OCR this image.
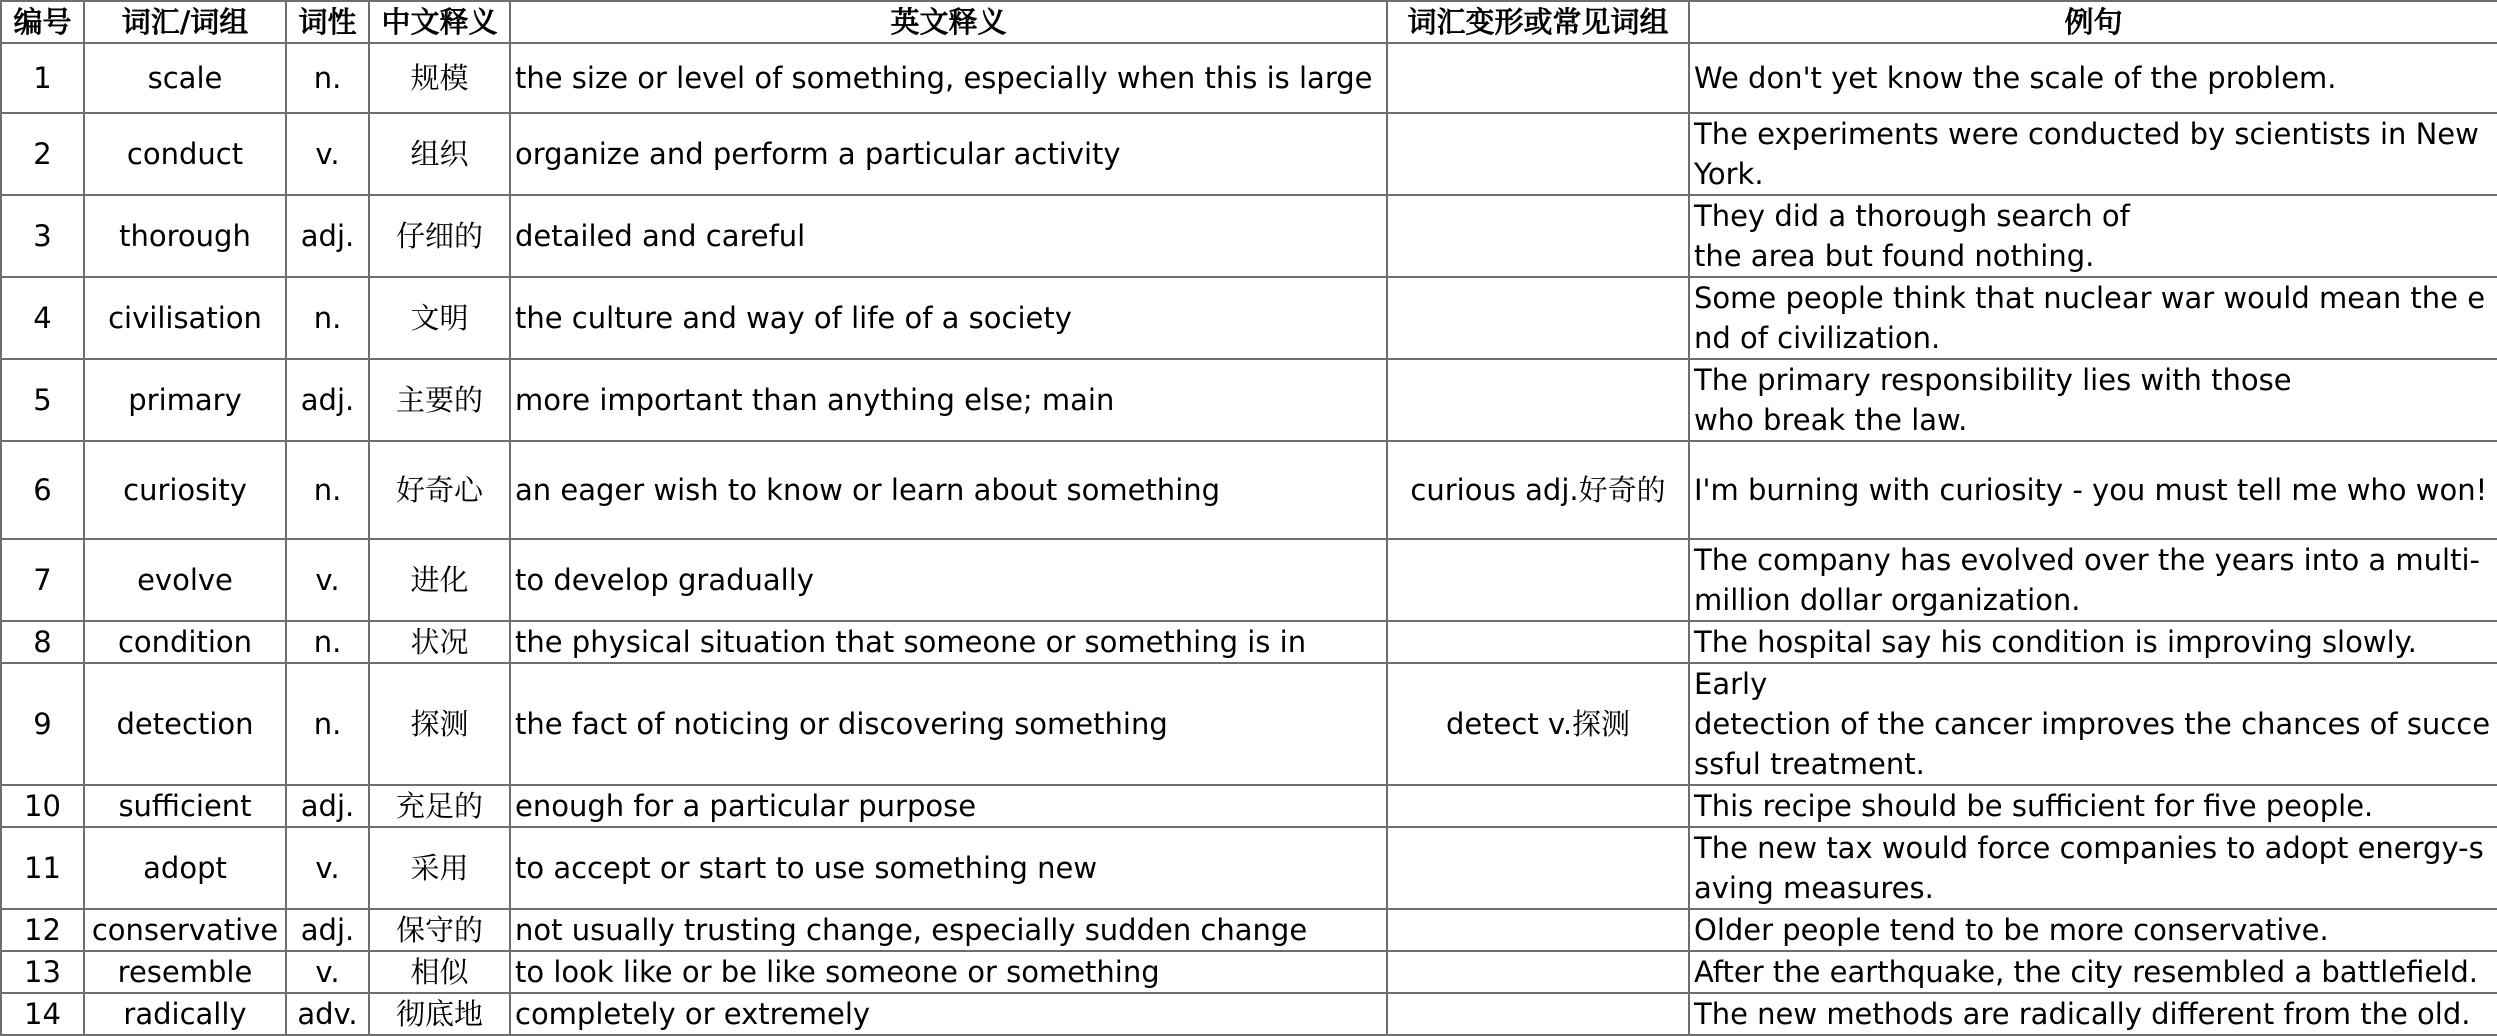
编号	词汇/词组	词性	中文释义	英文释义	词汇变形或常见词组	例句
1	scale	n.	规模	the size or level of something, especially when this is large		We don't yet know the scale of the problem.
2	conduct	v.	组织	organize and perform a particular activity		The experiments were conducted by scientists in New York.
3	thorough	adj.	仔细的	detailed and careful		They did a thorough search of
the area but found nothing.
4	civilisation	n.	文明	the culture and way of life of a society		Some people think that nuclear war would mean the end of civilization.
5	primary	adj.	主要的	more important than anything else; main		The primary responsibility lies with those
who break the law.
6	curiosity	n.	好奇心	an eager wish to know or learn about something	curious adj.好奇的	I'm burning with curiosity - you must tell me who won!
7	evolve	v.	进化	to develop gradually		The company has evolved over the years into a multi-million dollar organization.
8	condition	n.	状况	the physical situation that someone or something is in		The hospital say his condition is improving slowly.
9	detection	n.	探测	the fact of noticing or discovering something	detect v.探测	Early
detection of the cancer improves the chances of successful treatment.
10	sufficient	adj.	充足的	enough for a particular purpose		This recipe should be sufficient for five people.
11	adopt	v.	采用	to accept or start to use something new		The new tax would force companies to adopt energy-saving measures.
12	conservative	adj.	保守的	not usually trusting change, especially sudden change		Older people tend to be more conservative.
13	resemble	v.	相似	to look like or be like someone or something		After the earthquake, the city resembled a battlefield.
14	radically	adv.	彻底地	completely or extremely		The new methods are radically different from the old.
